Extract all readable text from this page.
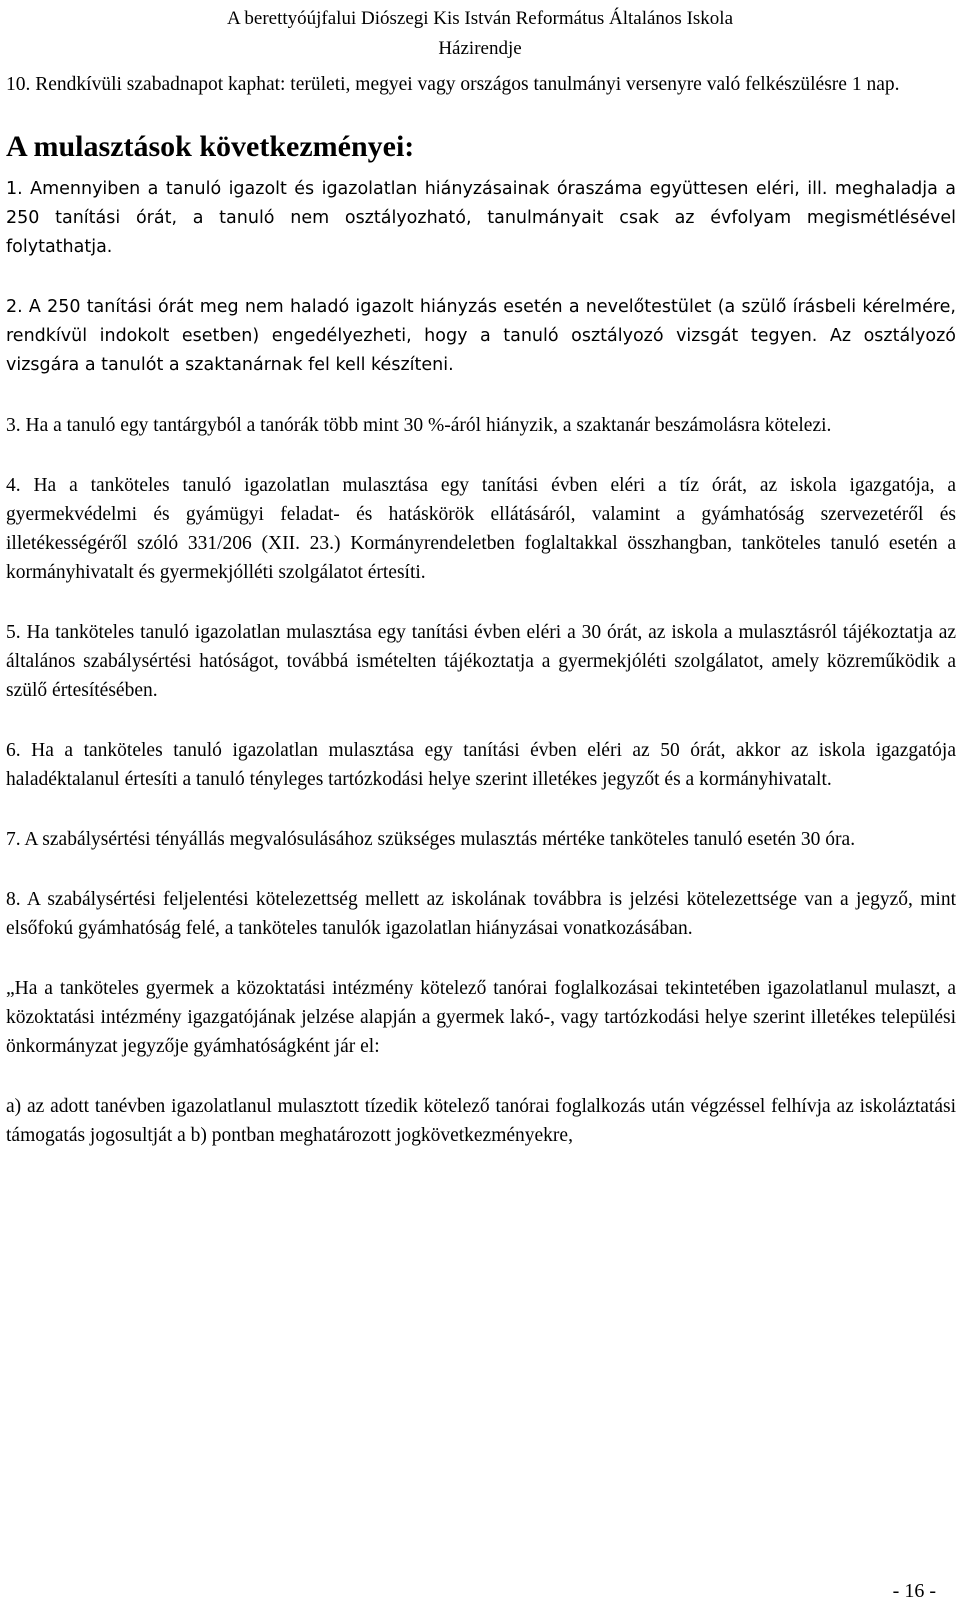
A berettyóújfalui Diószegi Kis István Református Általános Iskola
Házirendje

10. Rendkívüli szabadnapot kaphat: területi, megyei vagy országos tanulmányi versenyre való felkészülésre 1 nap.

A mulasztások következményei:

1. Amennyiben a tanuló igazolt és igazolatlan hiányzásainak óraszáma együttesen eléri, ill. meghaladja a 250 tanítási órát, a tanuló nem osztályozható, tanulmányait csak az évfolyam megismétlésével folytathatja.

2. A 250 tanítási órát meg nem haladó igazolt hiányzás esetén a nevelőtestület (a szülő írásbeli kérelmére, rendkívül indokolt esetben) engedélyezheti, hogy a tanuló osztályozó vizsgát tegyen. Az osztályozó vizsgára a tanulót a szaktanárnak fel kell készíteni.

3. Ha a tanuló egy tantárgyból a tanórák több mint 30 %-áról hiányzik, a szaktanár beszámolásra kötelezi.

4. Ha a tanköteles tanuló igazolatlan mulasztása egy tanítási évben eléri a tíz órát, az iskola igazgatója, a gyermekvédelmi és gyámügyi feladat- és hatáskörök ellátásáról, valamint a gyámhatóság szervezetéről és illetékességéről szóló 331/206 (XII. 23.) Kormányrendeletben foglaltakkal összhangban, tanköteles tanuló esetén a kormányhivatalt és gyermekjólléti szolgálatot értesíti.

5. Ha tanköteles tanuló igazolatlan mulasztása egy tanítási évben eléri a 30 órát, az iskola a mulasztásról tájékoztatja az általános szabálysértési hatóságot, továbbá ismételten tájékoztatja a gyermekjóléti szolgálatot, amely közreműködik a szülő értesítésében.

6. Ha a tanköteles tanuló igazolatlan mulasztása egy tanítási évben eléri az 50 órát, akkor az iskola igazgatója haladéktalanul értesíti a tanuló tényleges tartózkodási helye szerint illetékes jegyzőt és a kormányhivatalt.

7. A szabálysértési tényállás megvalósulásához szükséges mulasztás mértéke tanköteles tanuló esetén 30 óra.

8. A szabálysértési feljelentési kötelezettség mellett az iskolának továbbra is jelzési kötelezettsége van a jegyző, mint elsőfokú gyámhatóság felé, a tanköteles tanulók igazolatlan hiányzásai vonatkozásában.

„Ha a tanköteles gyermek a közoktatási intézmény kötelező tanórai foglalkozásai tekintetében igazolatlanul mulaszt, a közoktatási intézmény igazgatójának jelzése alapján a gyermek lakó-, vagy tartózkodási helye szerint illetékes települési önkormányzat jegyzője gyámhatóságként jár el:

a) az adott tanévben igazolatlanul mulasztott tízedik kötelező tanórai foglalkozás után végzéssel felhívja az iskoláztatási támogatás jogosultját a b) pontban meghatározott jogkövetkezményekre,

- 16 -
